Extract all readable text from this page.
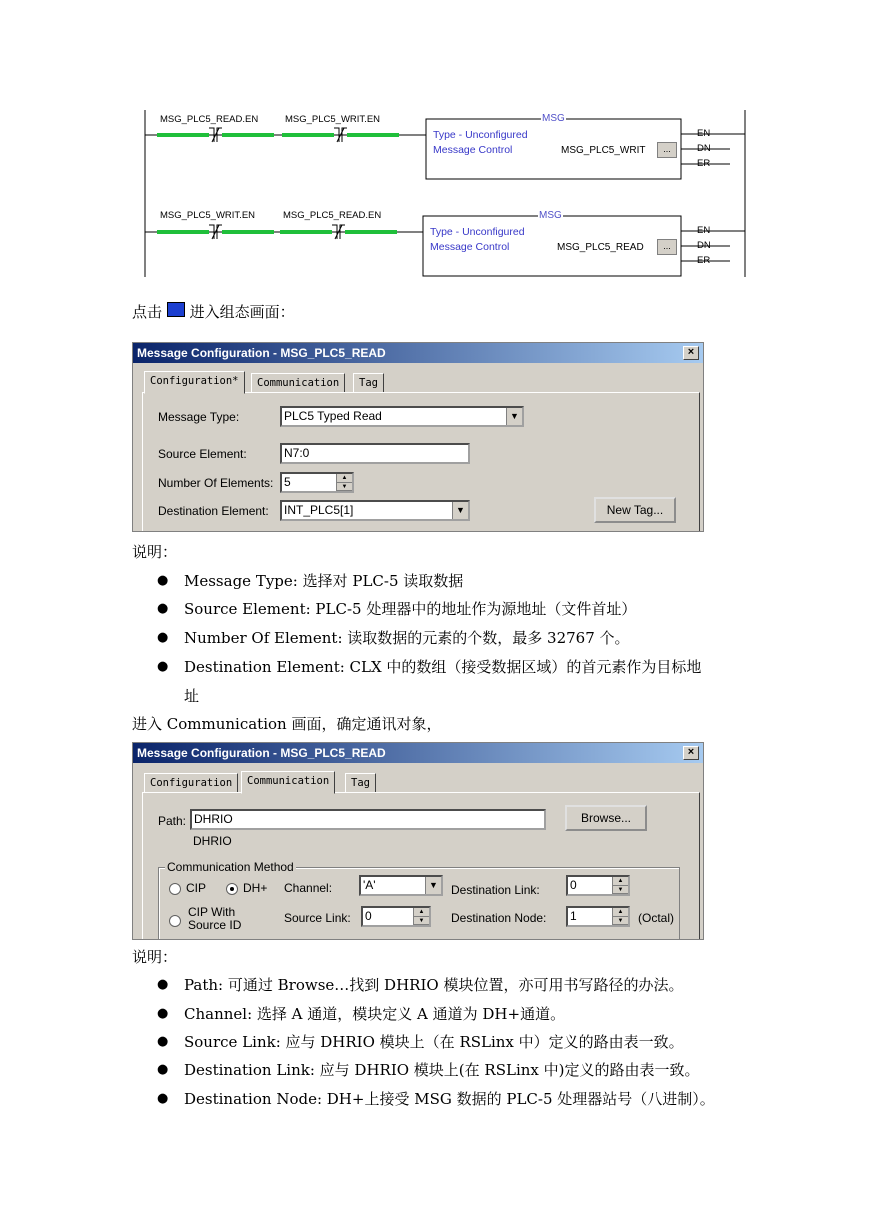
MSG_PLC5_READ.EN	MSG_PLC5_WRIT.EN	MSG
Type - Unconfigured
Message Control	MSG_PLC5_WRIT	...
EN
DN
ER
MSG_PLC5_WRIT.EN	MSG_PLC5_READ.EN	MSG
Type - Unconfigured
Message Control	MSG_PLC5_READ	...
EN
DN
ER
点击 进入组态画面：
Message Configuration - MSG_PLC5_READ	×
Configuration*	Communication	Tag
Message Type:	PLC5 Typed Read	▼
Source Element:	N7:0
Number Of Elements: 5	▲
▼
Destination Element:	INT_PLC5[1]	▼	New Tag...
说明：
● Message Type: 选择对 PLC-5 读取数据
● Source Element: PLC-5 处理器中的地址作为源地址（文件首址）
● Number Of Element: 读取数据的元素的个数，最多 32767 个。
● Destination Element: CLX 中的数组（接受数据区域）的首元素作为目标地
址
进入 Communication 画面，确定通讯对象，
Message Configuration - MSG_PLC5_READ	×
Configuration	Communication	Tag
Path: DHRIO
DHRIO
Browse...
Communication Method
CIP	DH+ Channel:	'A'	▼ Destination Link:	0	▲
▼
CIP With
Source ID	Source Link:	0	▲
▼	Destination Node:	1	▲
▼	(Octal)
说明：
● Path: 可通过 Browse…找到 DHRIO 模块位置，亦可用书写路径的办法。
● Channel: 选择 A 通道，模块定义 A 通道为 DH+通道。
● Source Link: 应与 DHRIO 模块上（在 RSLinx 中）定义的路由表一致。
● Destination Link: 应与 DHRIO 模块上(在 RSLinx 中)定义的路由表一致。
● Destination Node: DH+上接受 MSG 数据的 PLC-5 处理器站号（八进制）。
